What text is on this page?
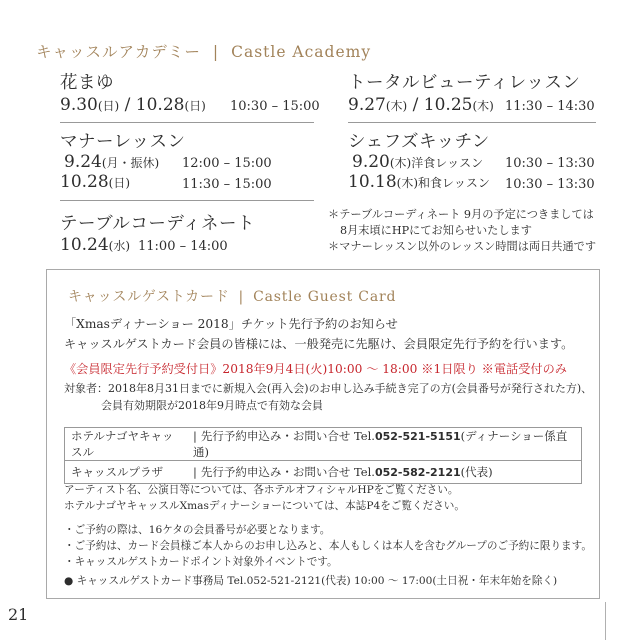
キャッスルアカデミー | Castle Academy
花まゆ
9.30(日) / 10.28(日) 10:30 – 15:00
トータルビューティレッスン
9.27(木) / 10.25(木) 11:30 – 14:30
マナーレッスン
9.24(月・振休) 12:00 – 15:00
10.28(日)	11:30 – 15:00
シェフズキッチン
9.20(木)洋食レッスン 10:30 – 13:30
10.18(木)和食レッスン 10:30 – 13:30
テーブルコーディネート
10.24(水) 11:00 – 14:00
＊テーブルコーディネート 9月の予定につきましては
8月末頃にHPにてお知らせいたします
＊マナーレッスン以外のレッスン時間は両日共通です
キャッスルゲストカード | Castle Guest Card
「Xmasディナーショー 2018」チケット先行予約のお知らせ
キャッスルゲストカード会員の皆様には、一般発売に先駆け、会員限定先行予約を行います。
《会員限定先行予約受付日》2018年9月4日(火)10:00 〜 18:00 ※1日限り ※電話受付のみ
対象者：2018年8月31日までに新規入会(再入会)のお申し込み手続き完了の方(会員番号が発行された方)、
会員有効期限が2018年9月時点で有効な会員
ホテルナゴヤキャッスル	| 先行予約申込み・お問い合せ Tel.052-521-5151(ディナーショー係直通)
キャッスルプラザ	| 先行予約申込み・お問い合せ Tel.052-582-2121(代表)
アーティスト名、公演日等については、各ホテルオフィシャルHPをご覧ください。
ホテルナゴヤキャッスルXmasディナーショーについては、本誌P4をご覧ください。
・ご予約の際は、16ケタの会員番号が必要となります。
・ご予約は、カード会員様ご本人からのお申し込みと、本人もしくは本人を含むグループのご予約に限ります。
・キャッスルゲストカードポイント対象外イベントです。
● キャッスルゲストカード事務局 Tel.052-521-2121(代表) 10:00 〜 17:00(土日祝・年末年始を除く)
21
